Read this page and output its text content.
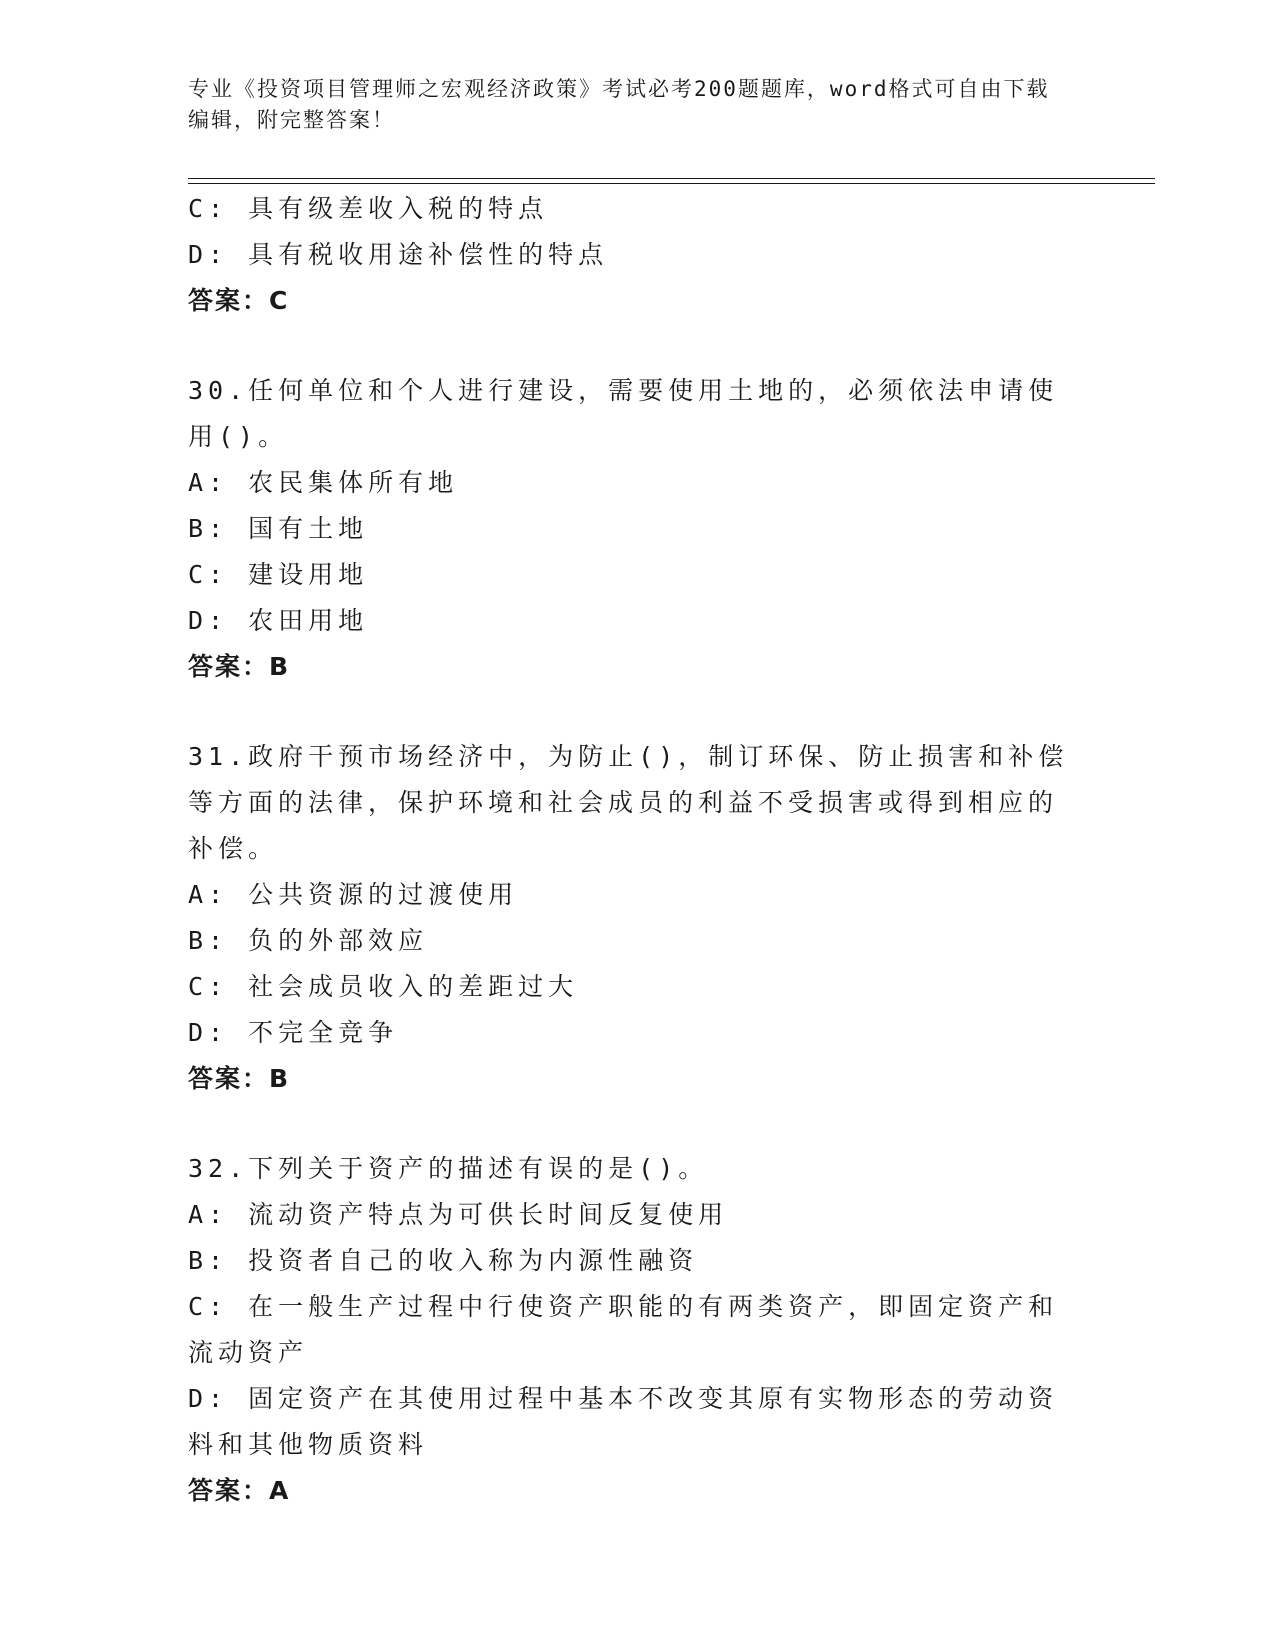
专业《投资项目管理师之宏观经济政策》考试必考200题题库，word格式可自由下载编辑，附完整答案！
C: 具有级差收入税的特点
D: 具有税收用途补偿性的特点
答案：C
30.任何单位和个人进行建设，需要使用土地的，必须依法申请使用()。
A: 农民集体所有地
B: 国有土地
C: 建设用地
D: 农田用地
答案：B
31.政府干预市场经济中，为防止()，制订环保、防止损害和补偿等方面的法律，保护环境和社会成员的利益不受损害或得到相应的补偿。
A: 公共资源的过渡使用
B: 负的外部效应
C: 社会成员收入的差距过大
D: 不完全竞争
答案：B
32.下列关于资产的描述有误的是()。
A: 流动资产特点为可供长时间反复使用
B: 投资者自己的收入称为内源性融资
C: 在一般生产过程中行使资产职能的有两类资产，即固定资产和流动资产
D: 固定资产在其使用过程中基本不改变其原有实物形态的劳动资料和其他物质资料
答案：A
